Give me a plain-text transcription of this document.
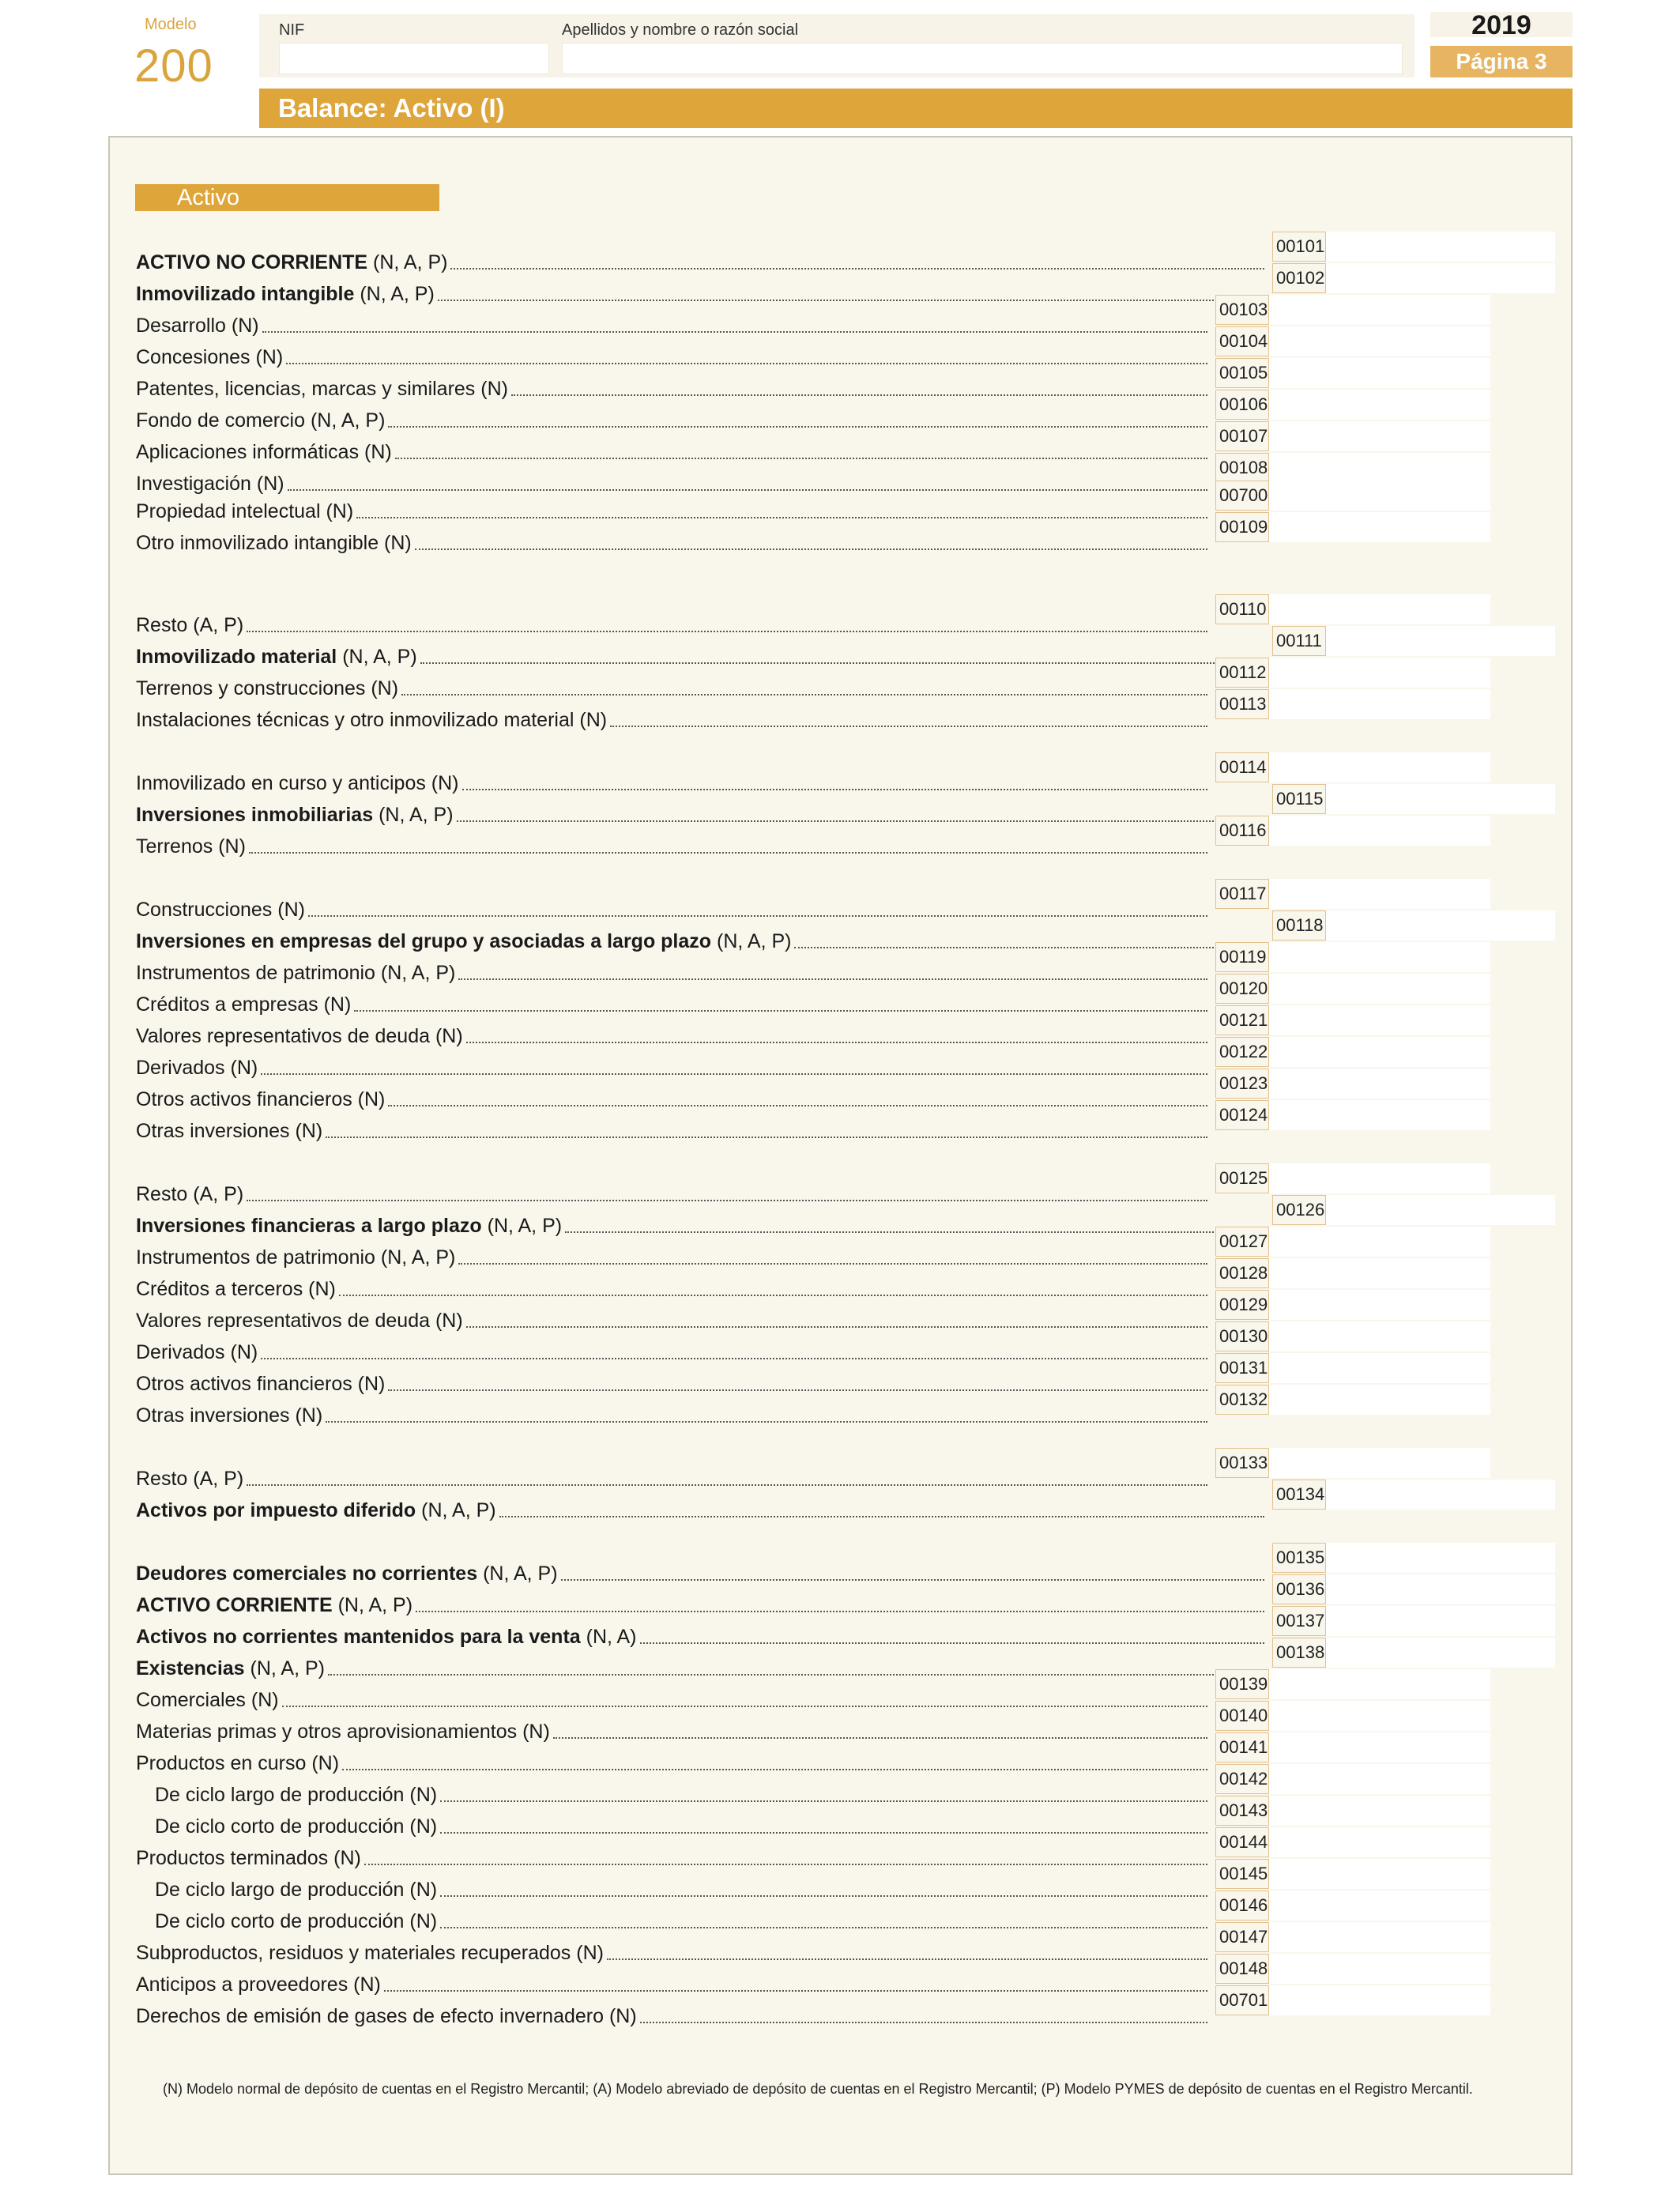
Modelo
200
NIF	Apellidos y nombre o razón social	2019
Página 3
Balance: Activo (I)
Activo
ACTIVO NO CORRIENTE (N, A, P)
00101
Inmovilizado intangible (N, A, P)
00102
Desarrollo (N)
00103
Concesiones (N)
00104
Patentes, licencias, marcas y similares (N)
00105
Fondo de comercio (N, A, P)
00106
Aplicaciones informáticas (N)
00107
Investigación (N)
00108
Propiedad intelectual (N)
00700
Otro inmovilizado intangible (N)
00109
Resto (A, P)
00110
Inmovilizado material (N, A, P)
00111
Terrenos y construcciones (N)
00112
Instalaciones técnicas y otro inmovilizado material (N)
00113
Inmovilizado en curso y anticipos (N)
00114
Inversiones inmobiliarias (N, A, P)
00115
Terrenos (N)
00116
Construcciones (N)
00117
Inversiones en empresas del grupo y asociadas a largo plazo (N, A, P)
00118
Instrumentos de patrimonio (N, A, P)
00119
Créditos a empresas (N)
00120
Valores representativos de deuda (N)
00121
Derivados (N)
00122
Otros activos financieros (N)
00123
Otras inversiones (N)
00124
Resto (A, P)
00125
Inversiones financieras a largo plazo (N, A, P)
00126
Instrumentos de patrimonio (N, A, P)
00127
Créditos a terceros (N)
00128
Valores representativos de deuda (N)
00129
Derivados (N)
00130
Otros activos financieros (N)
00131
Otras inversiones (N)
00132
Resto (A, P)
00133
Activos por impuesto diferido (N, A, P)
00134
Deudores comerciales no corrientes (N, A, P)
00135
ACTIVO CORRIENTE (N, A, P)
00136
Activos no corrientes mantenidos para la venta (N, A)
00137
Existencias (N, A, P)
00138
Comerciales (N)
00139
Materias primas y otros aprovisionamientos (N)
00140
Productos en curso (N)
00141
De ciclo largo de producción (N)
00142
De ciclo corto de producción (N)
00143
Productos terminados (N)
00144
De ciclo largo de producción (N)
00145
De ciclo corto de producción (N)
00146
Subproductos, residuos y materiales recuperados (N)
00147
Anticipos a proveedores (N)
00148
Derechos de emisión de gases de efecto invernadero (N)
00701
(N) Modelo normal de depósito de cuentas en el Registro Mercantil; (A) Modelo abreviado de depósito de cuentas en el Registro Mercantil; (P) Modelo PYMES de depósito de cuentas en el Registro Mercantil.
